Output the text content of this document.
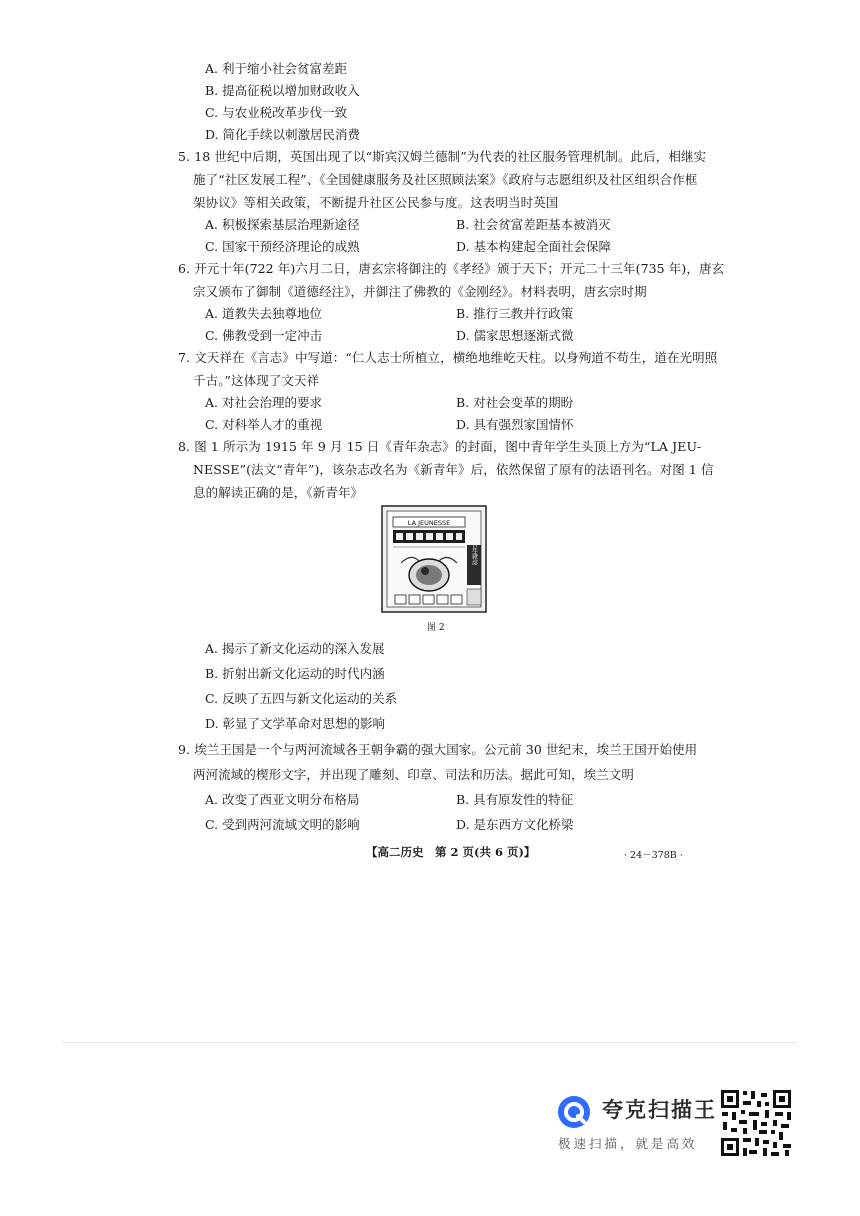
A. 利于缩小社会贫富差距
B. 提高征税以增加财政收入
C. 与农业税改革步伐一致
D. 简化手续以刺激居民消费
5. 18 世纪中后期，英国出现了以“斯宾汉姆兰德制”为代表的社区服务管理机制。此后，相继实
施了“社区发展工程”、《全国健康服务及社区照顾法案》《政府与志愿组织及社区组织合作框
架协议》等相关政策，不断提升社区公民参与度。这表明当时英国
A. 积极探索基层治理新途径	B. 社会贫富差距基本被消灭
C. 国家干预经济理论的成熟	D. 基本构建起全面社会保障
6. 开元十年(722 年)六月二日，唐玄宗将御注的《孝经》颁于天下；开元二十三年(735 年)，唐玄
宗又颁布了御制《道德经注》，并御注了佛教的《金刚经》。材料表明，唐玄宗时期
A. 道教失去独尊地位	B. 推行三教并行政策
C. 佛教受到一定冲击	D. 儒家思想逐渐式微
7. 文天祥在《言志》中写道：“仁人志士所植立，横绝地维屹天柱。以身殉道不苟生，道在光明照
千古。”这体现了文天祥
A. 对社会治理的要求	B. 对社会变革的期盼
C. 对科举人才的重视	D. 具有强烈家国情怀
8. 图 1 所示为 1915 年 9 月 15 日《青年杂志》的封面，图中青年学生头顶上方为“LA JEU-
NESSE”(法文“青年”)，该杂志改名为《新青年》后，依然保留了原有的法语刊名。对图 1 信
息的解读正确的是，《新青年》
LA JEUNESSE
青年雜誌
图 2
A. 揭示了新文化运动的深入发展
B. 折射出新文化运动的时代内涵
C. 反映了五四与新文化运动的关系
D. 彰显了文学革命对思想的影响
9. 埃兰王国是一个与两河流域各王朝争霸的强大国家。公元前 30 世纪末，埃兰王国开始使用
两河流域的楔形文字，并出现了雕刻、印章、司法和历法。据此可知，埃兰文明
A. 改变了西亚文明分布格局	B. 具有原发性的特征
C. 受到两河流域文明的影响	D. 是东西方文化桥梁
【高二历史　第 2 页(共 6 页)】	· 24－378B ·
夸克扫描王
极速扫描，就是高效
